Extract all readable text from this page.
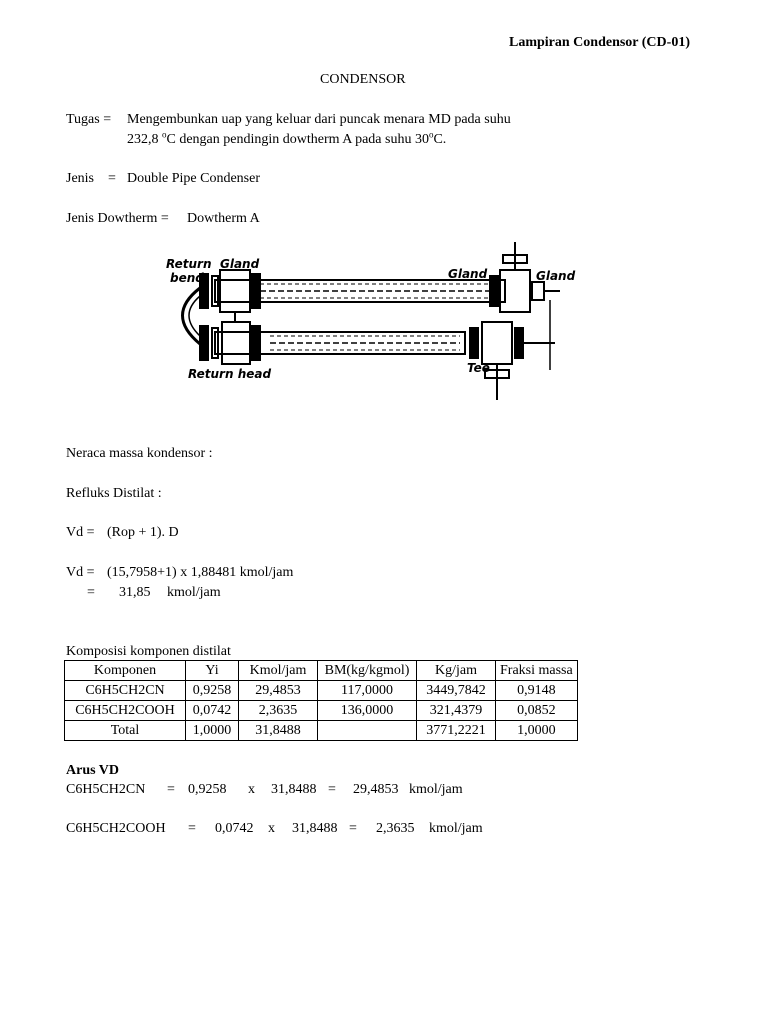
Lampiran Condensor (CD-01)
CONDENSOR
Tugas = Mengembunkan uap yang keluar dari puncak menara MD pada suhu
232,8 $^o$C dengan pendingin dowtherm A pada suhu 30$^o$C.
Jenis = Double Pipe Condenser
Jenis Dowtherm = Dowtherm A
Return
bend
Gland
Gland	Gland
Return head	Tee
Neraca massa kondensor :
Refluks Distilat :
Vd = (Rop + 1). D
Vd = (15,7958+1) x 1,88481 kmol/jam
= 31,85 kmol/jam
Komposisi komponen distilat
Komponen	Yi	Kmol/jam	BM(kg/kgmol)	Kg/jam	Fraksi massa
C6H5CH2CN	0,9258	29,4853	117,0000	3449,7842	0,9148
C6H5CH2COOH	0,0742	2,3635	136,0000	321,4379	0,0852
Total	1,0000	31,8488		3771,2221	1,0000
Arus VD
C6H5CH2CN = 0,9258 x 31,8488 = 29,4853 kmol/jam
C6H5CH2COOH = 0,0742 x 31,8488 = 2,3635 kmol/jam
